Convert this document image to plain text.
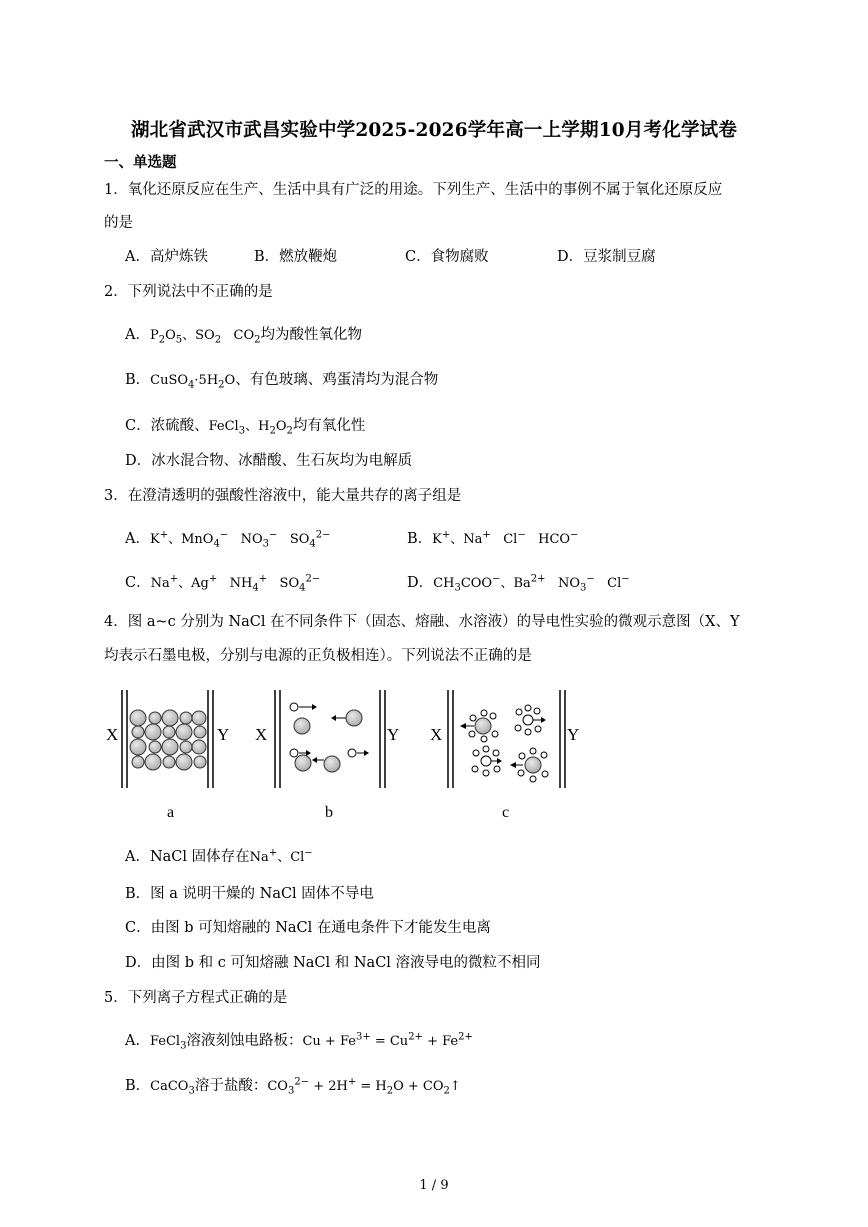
湖北省武汉市武昌实验中学2025-2026学年高一上学期10月考化学试卷
一、单选题
1．氧化还原反应在生产、生活中具有广泛的用途。下列生产、生活中的事例不属于氧化还原反应
的是
A．高炉炼铁	B．燃放鞭炮	C．食物腐败	D．豆浆制豆腐
2．下列说法中不正确的是
A．$P_2O_5$、$SO_2$ $CO_2$均为酸性氧化物
B．$CuSO_4\cdot 5H_2O$、有色玻璃、鸡蛋清均为混合物
C．浓硫酸、FeCl$_3$、$H_2O_2$均有氧化性
D．冰水混合物、冰醋酸、生石灰均为电解质
3．在澄清透明的强酸性溶液中，能大量共存的离子组是
A．K+、MnO$_4$− $NO_3^-$ $SO_4^{2-}$	B．K+、Na+ Cl− HCO−
C．Na+、Ag+ $NH_4^+$ $SO_4^{2-}$	D．$CH_3COO^-$、$Ba^{2+}$ $NO_3^-$ Cl−
4．图 a~c 分别为 NaCl 在不同条件下（固态、熔融、水溶液）的导电性实验的微观示意图（X、Y
均表示石墨电极，分别与电源的正负极相连）。下列说法不正确的是
X	Y
a
X	Y
b
X	Y
c
A．NaCl 固体存在Na+、Cl−
B．图 a 说明干燥的 NaCl 固体不导电
C．由图 b 可知熔融的 NaCl 在通电条件下才能发生电离
D．由图 b 和 c 可知熔融 NaCl 和 NaCl 溶液导电的微粒不相同
5．下列离子方程式正确的是
A．FeCl$_3$溶液刻蚀电路板：$Cu + Fe^{3+} = Cu^{2+} + Fe^{2+}$
B．CaCO$_3$溶于盐酸：$CO_3^{2-} + 2H^+ = H_2O$ + $CO_2↑$
1 / 9
